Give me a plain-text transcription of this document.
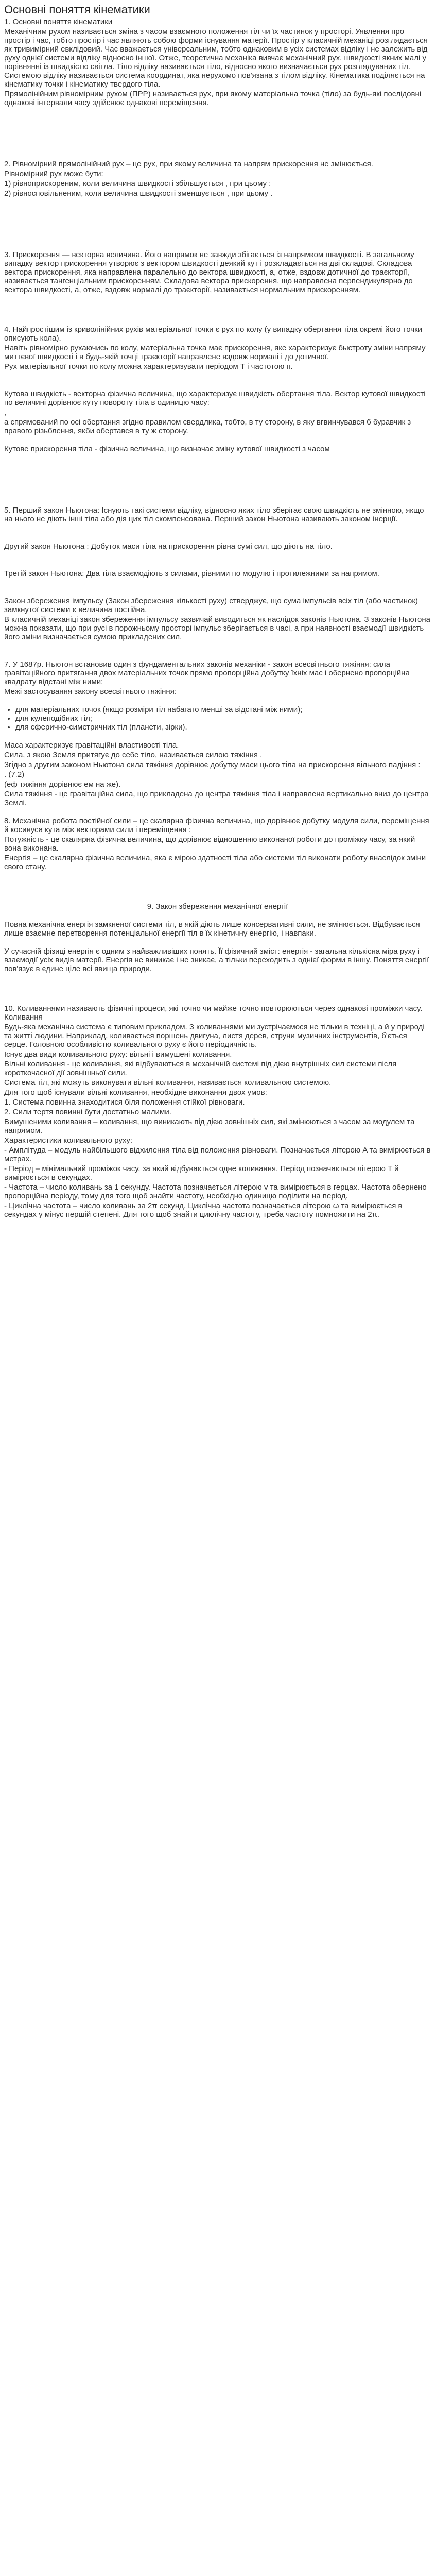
Основні поняття кінематики

1. Основні поняття кінематики

Механічним рухом називається зміна з часом взаємного положення тіл чи їх частинок у просторі. Уявлення про простір і час, тобто простір і час являють собою форми існування матерії. Простір у класичній механіці розглядається як тривимірний евклідовий. Час вважається універсальним, тобто однаковим в усіх системах відліку і не залежить від руху однієї системи відліку відносно іншої. Отже, теоретична механіка вивчає механічний рух, швидкості якних малі у порівнянні із швидкістю світла. Тіло відліку називається тіло, відносно якого визначається рух розглядуваних тіл. Системою відліку називається система координат, яка нерухомо пов'язана з тілом відліку. Кінематика поділяється на кінематику точки і кінематику твердого тіла.

Прямолінійним рівномірним рухом (ПРР) називається рух, при якому матеріальна точка (тіло) за будь-які послідовні однакові інтервали часу здійснює однакові переміщення.

2. Рівномірний прямолінійний рух – це рух, при якому величина та напрям прискорення не змінюється.

Рівномірний рух може бути:

1) рівноприскореним, коли величина швидкості збільшується , при цьому ;

2) рівносповільненим, коли величина швидкості зменшується , при цьому .

3. Прискорення — векторна величина. Його напрямок не завжди збігається із напрямком швидкості. В загальному випадку вектор прискорення утворює з вектором швидкості деякий кут і розкладається на дві складові. Складова вектора прискорення, яка направлена паралельно до вектора швидкості, а, отже, вздовж дотичної до траєкторії, називається тангенціальним прискоренням. Складова вектора прискорення, що направлена перпендикулярно до вектора швидкості, а, отже, вздовж нормалі до траєкторії, називається нормальним прискоренням.

4. Найпростішим із криволінійних рухів матеріальної точки є рух по колу (у випадку обертання тіла окремі його точки описують кола).

Навіть рівномірно рухаючись по колу, матеріальна точка має прискорення, яке характеризує быстроту зміни напряму миттєвої швидкості і в будь-якій точці траєкторії направлене вздовж нормалі і до дотичної.

Рух матеріальної точки по колу можна характеризувати періодом Т і частотою п.

Кутова швидкість - векторна фізична величина, що характеризує швидкість обертання тіла. Вектор кутової швидкості по величині дорівнює куту повороту тіла в одиницю часу:

,

а спрямований по осі обертання згідно правилом свердлика, тобто, в ту сторону, в яку вгвинчувався б буравчик з правого різьблення, якби обертався в ту ж сторону.

Кутове прискорення тіла - фізична величина, що визначає зміну кутової швидкості з часом

5. Перший закон Ньютона: Існують такі системи відліку, відносно яких тіло зберігає свою швидкість не змінною, якщо на нього не діють інші тіла або дія цих тіл скомпенсована. Перший закон Ньютона називають законом інерції.

Другий закон Ньютона : Добуток маси тіла на прискорення рівна сумі сил, що діють на тіло.

Третій закон Ньютона: Два тіла взаємодіють з силами, рівними по модулю і протилежними за напрямом.

Закон збереження імпульсу (Закон збереження кількості руху) стверджує, що сума імпульсів всіх тіл (або частинок) замкнутої системи є величина постійна.

В класичній механіці закон збереження імпульсу зазвичай виводиться як наслідок законів Ньютона. З законів Ньютона можна показати, що при русі в порожньому просторі імпульс зберігається в часі, а при наявності взаємодії швидкість його зміни визначається сумою прикладених сил.

7. У 1687р. Ньютон встановив один з фундаментальних законів механіки - закон всесвітнього тяжіння: сила гравітаційного притягання двох матеріальних точок прямо пропорційна добутку їхніх мас і обернено пропорційна квадрату відстані між ними:

Межі застосування закону всесвітнього тяжіння:

• для матеріальних точок (якщо розміри тіл набагато менші за відстані між ними);
• для кулеподібних тіл;
• для сферично-симетричних тіл (планети, зірки).

Маса характеризує гравітаційні властивості тіла.

Сила, з якою Земля притягує до себе тіло, називається силою тяжіння .

Згідно з другим законом Ньютона сила тяжіння дорівнює добутку маси цього тіла на прискорення вільного падіння :

. (7.2)

(еф тяжіння дорівнює ем на же).

Сила тяжіння - це гравітаційна сила, що прикладена до центра тяжіння тіла і направлена вертикально вниз до центра Землі.

8. Механічна робота постійної сили – це скалярна фізична величина, що дорівнює добутку модуля сили, переміщення й косинуса кута між векторами сили і переміщення :

Потужність - це скалярна фізична величина, що дорівнює відношенню виконаної роботи до проміжку часу, за який вона виконана.

Енергія – це скалярна фізична величина, яка є мірою здатності тіла або системи тіл виконати роботу внаслідок зміни свого стану.

9. Закон збереження механічної енергії

Повна механічна енергія замкненої системи тіл, в якій діють лише консервативні сили, не змінюється. Відбувається лише взаємне перетворення потенціальної енергії тіл в їх кінетичну енергію, і навпаки.

У сучасній фізиці енергія є одним з найважливіших понять. Її фізичний зміст: енергія - загальна кількісна міра руху і взаємодії усіх видів матерії. Енергія не виникає і не зникає, а тільки переходить з однієї форми в іншу. Поняття енергії пов'язує в єдине ціле всі явища природи.

10. Коливаннями називають фізичні процеси, які точно чи майже точно повторюються через однакові проміжки часу. Коливання

Будь-яка механічна система є типовим прикладом. З коливаннями ми зустрічаємося не тільки в техніці, а й у природі та житті людини. Наприклад, коливається поршень двигуна, листя дерев, струни музичних інструментів, б'ється серце. Головною особливістю коливального руху є його періодичність.

Існує два види коливального руху: вільні і вимушені коливання.

Вільні коливання - це коливання, які відбуваються в механічній системі під дією внутрішніх сил системи після короткочасної дії зовнішньої сили.

Система тіл, які можуть виконувати вільні коливання, називається коливальною системою.

Для того щоб існували вільні коливання, необхідне виконання двох умов:

1. Система повинна знаходитися біля положення стійкої рівноваги.

2. Сили тертя повинні бути достатньо малими.

Вимушеними коливання – коливання, що виникають під дією зовнішніх сил, які змінюються з часом за модулем та напрямом.

Характеристики коливального руху:

- Амплітуда – модуль найбільшого відхилення тіла від положення рівноваги. Позначається літерою A та вимірюється в метрах.

- Період – мінімальний проміжок часу, за який відбувається одне коливання. Період позначається літерою T й вимірюється в секундах.

- Частота – число коливань за 1 секунду. Частота позначається літерою v та вимірюється в герцах. Частота обернено пропорційна періоду, тому для того щоб знайти частоту, необхідно одиницю поділити на період.

- Циклічна частота – число коливань за 2π секунд. Циклічна частота позначається літерою ω та вимірюється в секундах у мінус першій степені. Для того щоб знайти циклічну частоту, треба частоту помножити на 2π.
